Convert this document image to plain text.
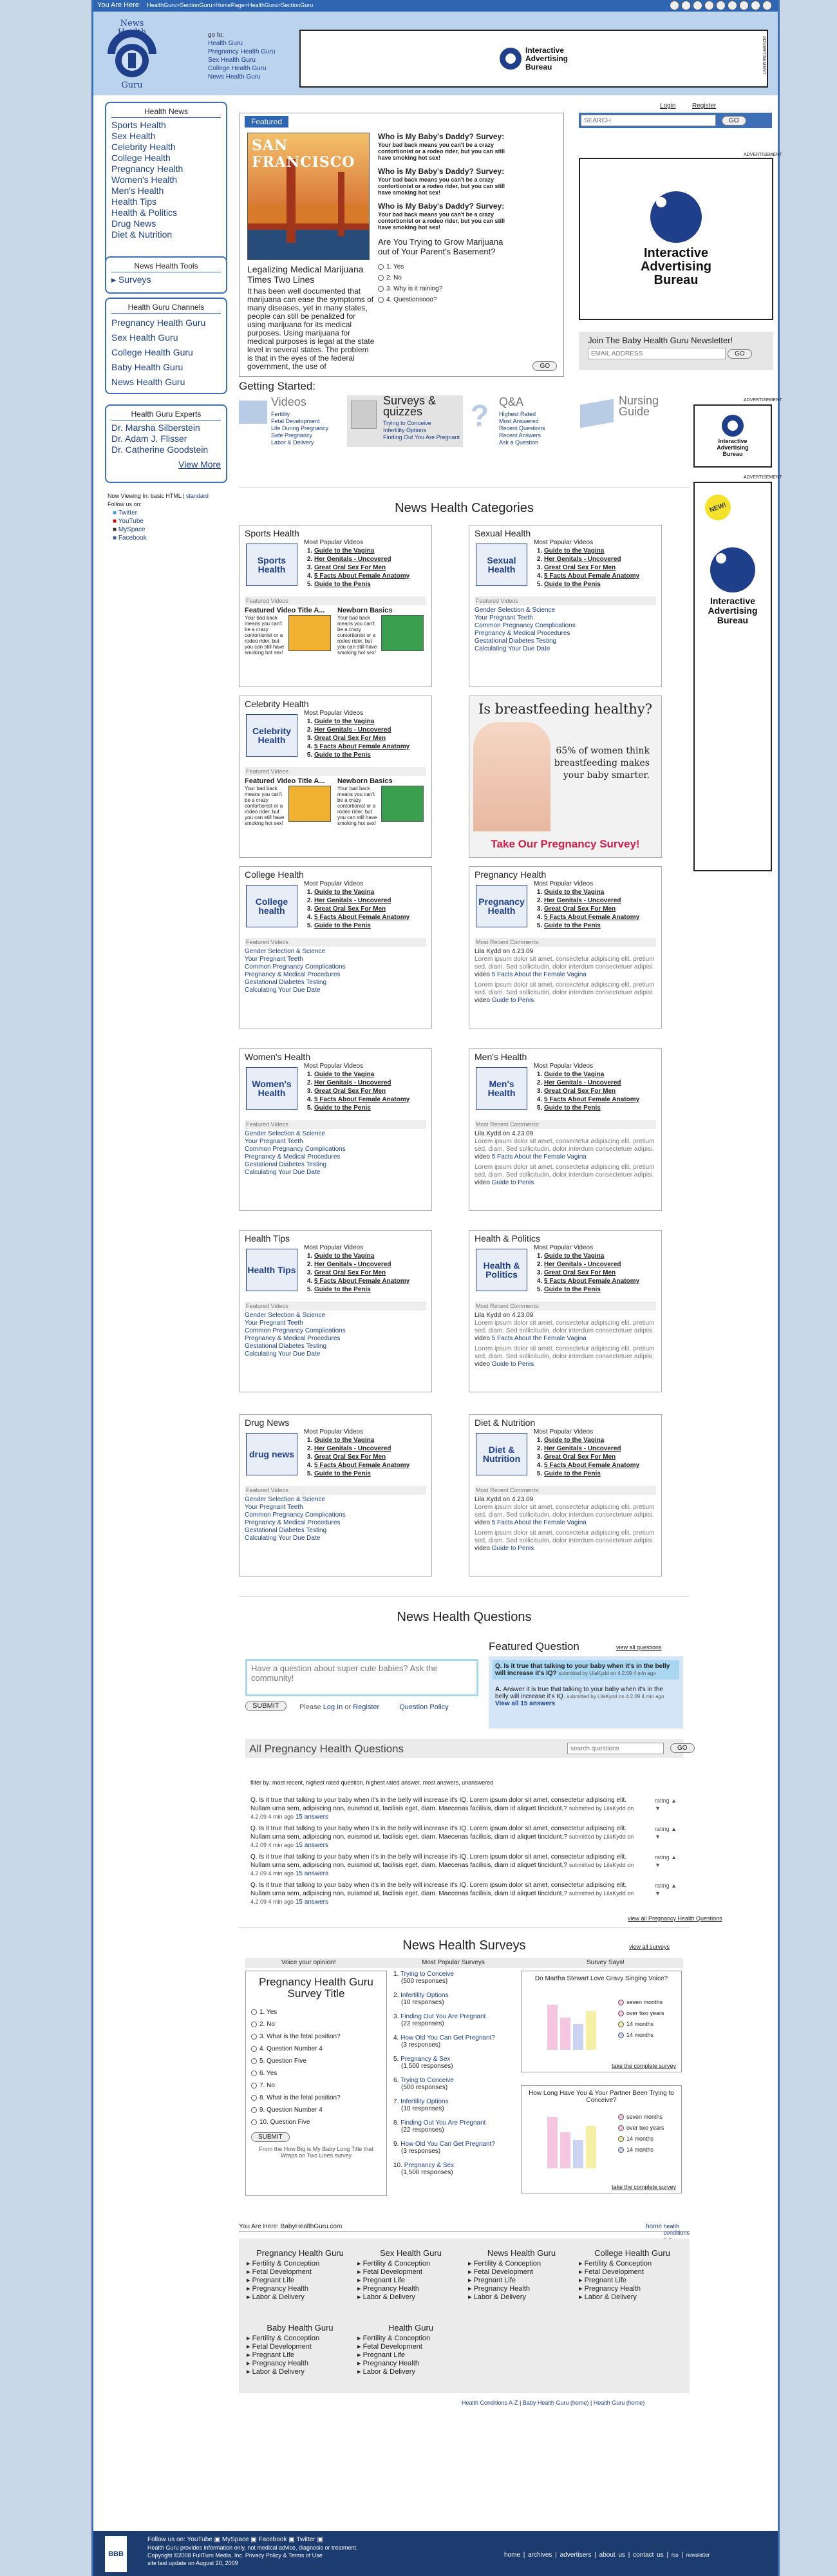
You Are Here: HealthGuru>SectionGuru>HomePage>HealthGuru>SectionGuru
News
Health
Guru
go to:
Health Guru
Pregnancy Health Guru
Sex Health Guru
College Health Guru
News Health Guru
Interactive
Advertising
Bureau	ADVERTISEMENT
Health News
Sports Health
Sex Health
Celebrity Health
College Health
Pregnancy Health
Women's Health
Men's Health
Health Tips
Health & Politics
Drug News
Diet & Nutrition
News Health Tools
▸ Surveys
Health Guru Channels
Pregnancy Health Guru
Sex Health Guru
College Health Guru
Baby Health Guru
News Health Guru
Health Guru Experts
Dr. Marsha Silberstein
Dr. Adam J. Flisser
Dr. Catherine Goodstein
View More
Now Viewing In: basic HTML | standard
Follow us on:
■ Twitter
■ YouTube
■ MySpace
■ Facebook
Featured
SAN FRANCISCO
Legalizing Medical Marijuana Times Two Lines
It has been well documented that marijuana can ease the symptoms of many diseases, yet in many states, people can still be penalized for using marijuana for its medical purposes. Using marijuana for medical purposes is legal at the state level in several states. The problem is that in the eyes of the federal government, the use of
Who is My Baby's Daddy? Survey:
Your bad back means you can't be a crazy contortionist or a rodeo rider, but you can still have smoking hot sex!
Who is My Baby's Daddy? Survey:
Your bad back means you can't be a crazy contortionist or a rodeo rider, but you can still have smoking hot sex!
Who is My Baby's Daddy? Survey:
Your bad back means you can't be a crazy contortionist or a rodeo rider, but you can still have smoking hot sex!
Are You Trying to Grow Marijuana out of Your Parent's Basement?
1. Yes
2. No
3. Why is it raining?
4. Questionsooo?
GO
Login	Register
SEARCH GO
ADVERTISEMENT
Interactive
Advertising
Bureau
Join The Baby Health Guru Newsletter!
EMAIL ADDRESS GO
ADVERTISEMENT
Interactive
Advertising
Bureau
ADVERTISEMENT
NEW!
Interactive
Advertising
Bureau
Getting Started:
Videos
Fertility
Fetal Development
Life During Pregnancy
Safe Pregnancy
Labor & Delivery
Surveys & quizzes
Trying to Conceive
Infertility Options
Finding Out You Are Pregnant
? Q&A
Highest Rated
Most Answered
Recent Questions
Recent Answers
Ask a Question
Nursing Guide
News Health Categories
Sports Health
Sports Health
Most Popular Videos
1. Guide to the Vagina
2. Her Genitals - Uncovered
3. Great Oral Sex For Men
4. 5 Facts About Female Anatomy
5. Guide to the Penis
Featured Videos
Featured Video Title A...
Your bad back means you can't be a crazy contortionist or a rodeo rider, but you can still have smoking hot sex!
Newborn Basics
Your bad back means you can't be a crazy contortionist or a rodeo rider, but you can still have smoking hot sex!
Sexual Health
Sexual Health
Most Popular Videos
1. Guide to the Vagina
2. Her Genitals - Uncovered
3. Great Oral Sex For Men
4. 5 Facts About Female Anatomy
5. Guide to the Penis
Featured Videos
Gender Selection & Science
Your Pregnant Teeth
Common Pregnancy Complications
Pregnancy & Medical Procedures
Gestational Diabetes Testing
Calculating Your Due Date
Celebrity Health
Celebrity Health
Most Popular Videos
1. Guide to the Vagina
2. Her Genitals - Uncovered
3. Great Oral Sex For Men
4. 5 Facts About Female Anatomy
5. Guide to the Penis
Featured Videos
Featured Video Title A...
Your bad back means you can't be a crazy contortionist or a rodeo rider, but you can still have smoking hot sex!
Newborn Basics
Your bad back means you can't be a crazy contortionist or a rodeo rider, but you can still have smoking hot sex!
Is breastfeeding healthy?
65% of women think breastfeeding makes your baby smarter.
Take Our Pregnancy Survey!
College Health
College health
Most Popular Videos
1. Guide to the Vagina
2. Her Genitals - Uncovered
3. Great Oral Sex For Men
4. 5 Facts About Female Anatomy
5. Guide to the Penis
Featured Videos
Gender Selection & Science
Your Pregnant Teeth
Common Pregnancy Complications
Pregnancy & Medical Procedures
Gestational Diabetes Testing
Calculating Your Due Date
Pregnancy Health
Pregnancy Health
Most Popular Videos
1. Guide to the Vagina
2. Her Genitals - Uncovered
3. Great Oral Sex For Men
4. 5 Facts About Female Anatomy
5. Guide to the Penis
Most Recent Comments:
Lila Kydd on 4.23.09
Lorem ipsum dolor sit amet, consectetur adipiscing elit. pretium sed, diam. Sed sollicitudin, dolor interdum consectetuer adipisi.
video 5 Facts About the Female Vagina
Lorem ipsum dolor sit amet, consectetur adipiscing elit. pretium sed, diam. Sed sollicitudin, dolor interdum consectetuer adipisi.
video Guide to Penis
Women's Health
Women's Health
Most Popular Videos
1. Guide to the Vagina
2. Her Genitals - Uncovered
3. Great Oral Sex For Men
4. 5 Facts About Female Anatomy
5. Guide to the Penis
Featured Videos
Gender Selection & Science
Your Pregnant Teeth
Common Pregnancy Complications
Pregnancy & Medical Procedures
Gestational Diabetes Testing
Calculating Your Due Date
Men's Health
Men's Health
Most Popular Videos
1. Guide to the Vagina
2. Her Genitals - Uncovered
3. Great Oral Sex For Men
4. 5 Facts About Female Anatomy
5. Guide to the Penis
Most Recent Comments:
Lila Kydd on 4.23.09
Lorem ipsum dolor sit amet, consectetur adipiscing elit. pretium sed, diam. Sed sollicitudin, dolor interdum consectetuer adipisi.
video 5 Facts About the Female Vagina
Lorem ipsum dolor sit amet, consectetur adipiscing elit. pretium sed, diam. Sed sollicitudin, dolor interdum consectetuer adipisi.
video Guide to Penis
Health Tips
Health Tips
Most Popular Videos
1. Guide to the Vagina
2. Her Genitals - Uncovered
3. Great Oral Sex For Men
4. 5 Facts About Female Anatomy
5. Guide to the Penis
Featured Videos
Gender Selection & Science
Your Pregnant Teeth
Common Pregnancy Complications
Pregnancy & Medical Procedures
Gestational Diabetes Testing
Calculating Your Due Date
Health & Politics
Health & Politics
Most Popular Videos
1. Guide to the Vagina
2. Her Genitals - Uncovered
3. Great Oral Sex For Men
4. 5 Facts About Female Anatomy
5. Guide to the Penis
Most Recent Comments:
Lila Kydd on 4.23.09
Lorem ipsum dolor sit amet, consectetur adipiscing elit. pretium sed, diam. Sed sollicitudin, dolor interdum consectetuer adipisi.
video 5 Facts About the Female Vagina
Lorem ipsum dolor sit amet, consectetur adipiscing elit. pretium sed, diam. Sed sollicitudin, dolor interdum consectetuer adipisi.
video Guide to Penis
Drug News
drug news
Most Popular Videos
1. Guide to the Vagina
2. Her Genitals - Uncovered
3. Great Oral Sex For Men
4. 5 Facts About Female Anatomy
5. Guide to the Penis
Featured Videos
Gender Selection & Science
Your Pregnant Teeth
Common Pregnancy Complications
Pregnancy & Medical Procedures
Gestational Diabetes Testing
Calculating Your Due Date
Diet & Nutrition
Diet & Nutrition
Most Popular Videos
1. Guide to the Vagina
2. Her Genitals - Uncovered
3. Great Oral Sex For Men
4. 5 Facts About Female Anatomy
5. Guide to the Penis
Most Recent Comments:
Lila Kydd on 4.23.09
Lorem ipsum dolor sit amet, consectetur adipiscing elit. pretium sed, diam. Sed sollicitudin, dolor interdum consectetuer adipisi.
video 5 Facts About the Female Vagina
Lorem ipsum dolor sit amet, consectetur adipiscing elit. pretium sed, diam. Sed sollicitudin, dolor interdum consectetuer adipisi.
video Guide to Penis
News Health Questions
Have a question about super cute babies? Ask the community!
SUBMIT	Please Log In or Register	Question Policy
Featured Question	view all questions
Q. Is it true that talking to your baby when it's in the belly will increase it's IQ? submitted by LilaKydd on 4.2.09 4 min ago
A. Answer it is true that talking to your baby when it's in the belly will increase it's IQ. submitted by LilaKydd on 4.2.09 4 min ago View all 15 answers
All Pregnancy Health Questions
search questions	GO
filter by: most recent, highest rated question, highest rated answer, most answers, unanswered
Q. Is it true that talking to your baby when it's in the belly will increase it's IQ. Lorem ipsum dolor sit amet, consectetur adipiscing elit. Nullam urna sem, adipiscing non, euismod ut, facilisis eget, diam. Maecenas facilisis, diam id aliquet tincidunt,? submitted by LilaKydd on 4.2.09 4 min ago 15 answers
rating ▲
▼
Q. Is it true that talking to your baby when it's in the belly will increase it's IQ. Lorem ipsum dolor sit amet, consectetur adipiscing elit. Nullam urna sem, adipiscing non, euismod ut, facilisis eget, diam. Maecenas facilisis, diam id aliquet tincidunt,? submitted by LilaKydd on 4.2.09 4 min ago 15 answers
rating ▲
▼
Q. Is it true that talking to your baby when it's in the belly will increase it's IQ. Lorem ipsum dolor sit amet, consectetur adipiscing elit. Nullam urna sem, adipiscing non, euismod ut, facilisis eget, diam. Maecenas facilisis, diam id aliquet tincidunt,? submitted by LilaKydd on 4.2.09 4 min ago 15 answers
rating ▲
▼
Q. Is it true that talking to your baby when it's in the belly will increase it's IQ. Lorem ipsum dolor sit amet, consectetur adipiscing elit. Nullam urna sem, adipiscing non, euismod ut, facilisis eget, diam. Maecenas facilisis, diam id aliquet tincidunt,? submitted by LilaKydd on 4.2.09 4 min ago 15 answers
rating ▲
▼
view all Pregnancy Health Questions
News Health Surveys	view all surveys
Voice your opinion!	Most Popular Surveys	Survey Says!
Pregnancy Health Guru Survey Title
1. Yes
2. No
3. What is the fetal position?
4. Question Number 4
5. Question Five
6. Yes
7. No
8. What is the fetal position?
9. Question Number 4
10. Question Five
SUBMIT
From the How Big is My Baby Long Title that Wraps on Two Lines survey
1. Trying to Conceive
(500 responses)
2. Infertility Options
(10 responses)
3. Finding Out You Are Pregnant
(22 responses)
4. How Old You Can Get Pregnant?
(3 responses)
5. Pregnancy & Sex
(1,500 responses)
6. Trying to Conceive
(500 responses)
7. Infertility Options
(10 responses)
8. Finding Out You Are Pregnant
(22 responses)
9. How Old You Can Get Pregnant?
(3 responses)
10. Pregnancy & Sex
(1,500 responses)
Do Martha Stewart Love Gravy Singing Voice?
seven months
over two years
14 months
14 months
take the complete survey
How Long Have You & Your Partner Been Trying to Conceive?
seven months
over two years
14 months
14 months
take the complete survey
You Are Here: BabyHealthGuru.com	home health conditions
Pregnancy Health Guru
▸ Fertility & Conception
▸ Fetal Development
▸ Pregnant Life
▸ Pregnancy Health
▸ Labor & Delivery
Sex Health Guru
▸ Fertility & Conception
▸ Fetal Development
▸ Pregnant Life
▸ Pregnancy Health
▸ Labor & Delivery
News Health Guru
▸ Fertility & Conception
▸ Fetal Development
▸ Pregnant Life
▸ Pregnancy Health
▸ Labor & Delivery
College Health Guru
▸ Fertility & Conception
▸ Fetal Development
▸ Pregnant Life
▸ Pregnancy Health
▸ Labor & Delivery
Baby Health Guru
▸ Fertility & Conception
▸ Fetal Development
▸ Pregnant Life
▸ Pregnancy Health
▸ Labor & Delivery
Health Guru
▸ Fertility & Conception
▸ Fetal Development
▸ Pregnant Life
▸ Pregnancy Health
▸ Labor & Delivery
Health Conditions A-Z | Baby Health Guru (home) | Health Guru (home)
BBB
Follow us on: YouTube ▣ MySpace ▣ Facebook ▣ Twitter ▣
Health Guru provides information only, not medical advice, diagnosis or treatment.
Copyright ©2008 FullTurn Media, Inc. Privacy Policy & Terms of Use
site last update on August 20, 2009
home | archives | advertisers | about us | contact us | rss | newsletter
